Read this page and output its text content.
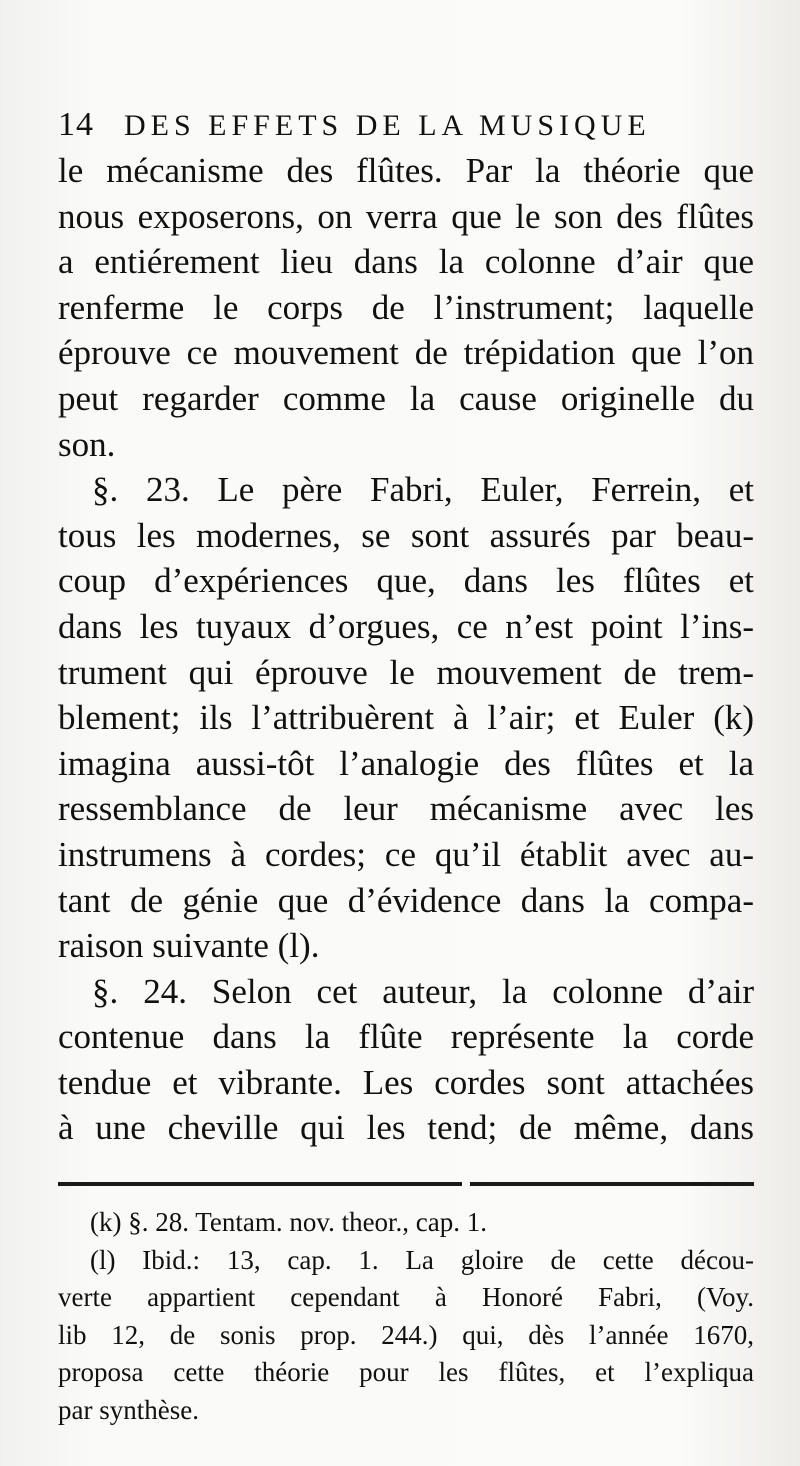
14 DES EFFETS DE LA MUSIQUE
le mécanisme des flûtes. Par la théorie que
nous exposerons, on verra que le son des flûtes
a entiérement lieu dans la colonne d’air que
renferme le corps de l’instrument; laquelle
éprouve ce mouvement de trépidation que l’on
peut regarder comme la cause originelle du
son.
§. 23. Le père Fabri, Euler, Ferrein, et
tous les modernes, se sont assurés par beau-
coup d’expériences que, dans les flûtes et
dans les tuyaux d’orgues, ce n’est point l’ins-
trument qui éprouve le mouvement de trem-
blement; ils l’attribuèrent à l’air; et Euler (k)
imagina aussi-tôt l’analogie des flûtes et la
ressemblance de leur mécanisme avec les
instrumens à cordes; ce qu’il établit avec au-
tant de génie que d’évidence dans la compa-
raison suivante (l).
§. 24. Selon cet auteur, la colonne d’air
contenue dans la flûte représente la corde
tendue et vibrante. Les cordes sont attachées
à une cheville qui les tend; de même, dans
(k) §. 28. Tentam. nov. theor., cap. 1.
(l) Ibid.: 13, cap. 1. La gloire de cette décou-
verte appartient cependant à Honoré Fabri, (Voy.
lib 12, de sonis prop. 244.) qui, dès l’année 1670,
proposa cette théorie pour les flûtes, et l’expliqua
par synthèse.
